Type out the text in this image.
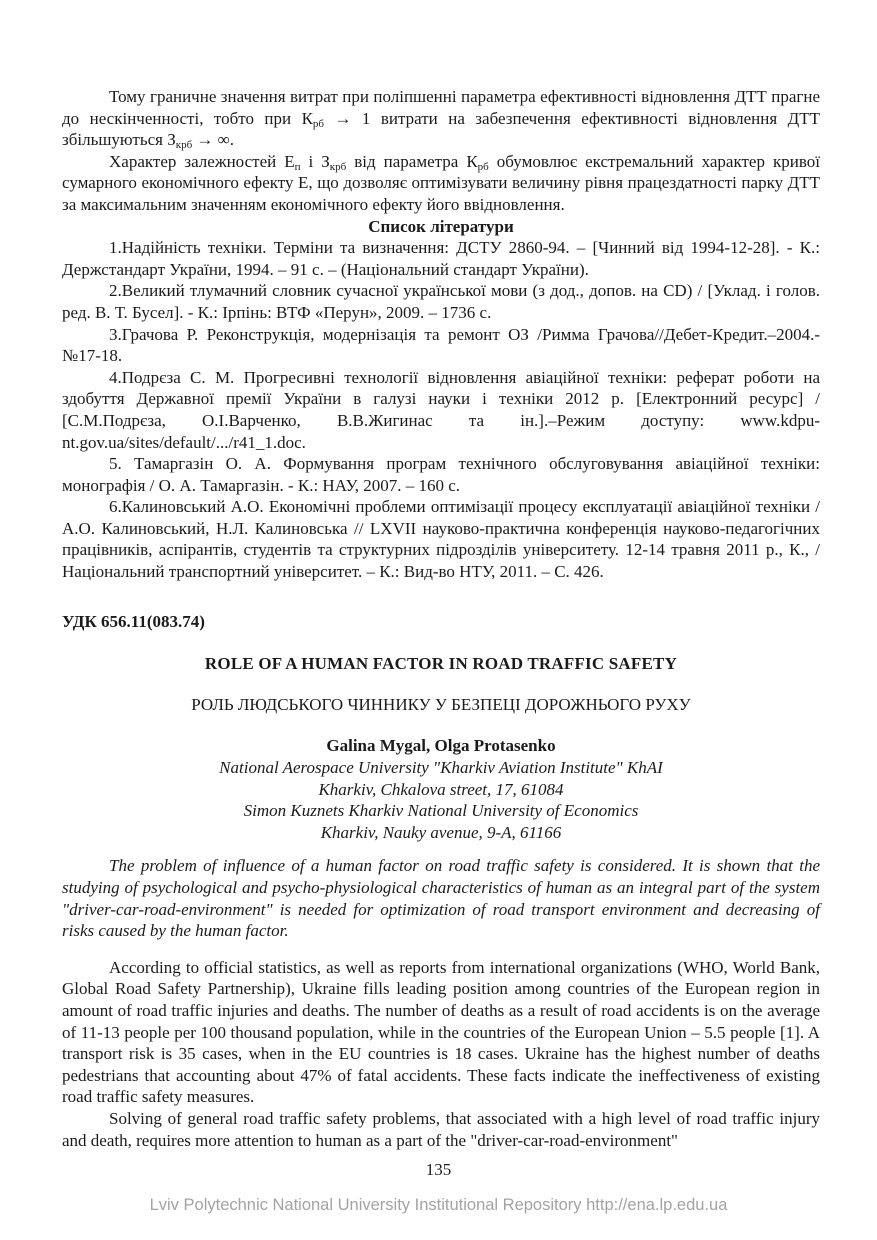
Тому граничне значення витрат при поліпшенні параметра ефективності відновлення ДТТ прагне до нескінченності, тобто при $К_{рб} \to 1$ витрати на забезпечення ефективності відновлення ДТТ збільшуються $З_{крб}$ → ∞.

Характер залежностей $Е_п$ і $З_{крб}$ від параметра $К_{рб}$ обумовлює екстремальний характер кривої сумарного економічного ефекту Е, що дозволяє оптимізувати величину рівня працездатності парку ДТТ за максимальним значенням економічного ефекту його ввідновлення.

Список літератури

1.Надійність техніки. Терміни та визначення: ДСТУ 2860-94. – [Чинний від 1994-12-28]. - К.: Держстандарт України, 1994. – 91 с. – (Національний стандарт України).

2.Великий тлумачний словник сучасної української мови (з дод., допов. на CD) / [Уклад. і голов. ред. В. Т. Бусел]. - К.: Ірпінь: ВТФ «Перун», 2009. – 1736 с.

3.Грачова Р. Реконструкція, модернізація та ремонт ОЗ /Римма Грачова//Дебет-Кредит.–2004.-№17-18.

4.Подрєза С. М. Прогресивні технології відновлення авіаційної техніки: реферат роботи на здобуття Державної премії України в галузі науки і техніки 2012 р. [Електронний ресурс] / [С.М.Подрєза, О.І.Варченко, В.В.Жигинас та ін.].–Режим доступу: www.kdpu-nt.gov.ua/sites/default/.../r41_1.doc.

5. Тамаргазін О. А. Формування програм технічного обслуговування авіаційної техніки: монографія / О. А. Тамаргазін. - К.: НАУ, 2007. – 160 с.

6.Калиновський А.О. Економічні проблеми оптимізації процесу експлуатації авіаційної техніки / А.О. Калиновський, Н.Л. Калиновська // LXVII науково-практична конференція науково-педагогічних працівників, аспірантів, студентів та структурних підрозділів університету. 12-14 травня 2011 р., К., / Національний транспортний університет. – К.: Вид-во НТУ, 2011. – С. 426.

УДК 656.11(083.74)

ROLE OF A HUMAN FACTOR IN ROAD TRAFFIC SAFETY

РОЛЬ ЛЮДСЬКОГО ЧИННИКУ У БЕЗПЕЦІ ДОРОЖНЬОГО РУХУ

Galina Mygal, Olga Protasenko

National Aerospace University "Kharkiv Aviation Institute" KhAI

Kharkiv, Chkalova street, 17, 61084

Simon Kuznets Kharkiv National University of Economics

Kharkiv, Nauky avenue, 9-A, 61166

The problem of influence of a human factor on road traffic safety is considered. It is shown that the studying of psychological and psycho-physiological characteristics of human as an integral part of the system "driver-car-road-environment" is needed for optimization of road transport environment and decreasing of risks caused by the human factor.

According to official statistics, as well as reports from international organizations (WHO, World Bank, Global Road Safety Partnership), Ukraine fills leading position among countries of the European region in amount of road traffic injuries and deaths. The number of deaths as a result of road accidents is on the average of 11-13 people per 100 thousand population, while in the countries of the European Union – 5.5 people [1]. A transport risk is 35 cases, when in the EU countries is 18 cases. Ukraine has the highest number of deaths pedestrians that accounting about 47% of fatal accidents. These facts indicate the ineffectiveness of existing road traffic safety measures.

Solving of general road traffic safety problems, that associated with a high level of road traffic injury and death, requires more attention to human as a part of the "driver-car-road-environment"

135
Lviv Polytechnic National University Institutional Repository http://ena.lp.edu.ua
